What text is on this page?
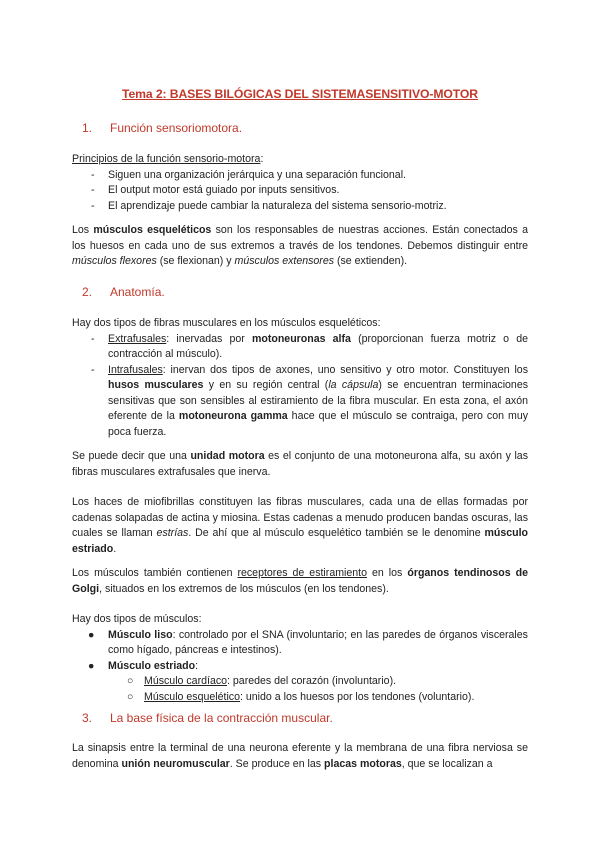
Tema 2: BASES BILÓGICAS DEL SISTEMASENSITIVO-MOTOR
1. Función sensoriomotora.
Principios de la función sensorio-motora:
- Siguen una organización jerárquica y una separación funcional.
- El output motor está guiado por inputs sensitivos.
- El aprendizaje puede cambiar la naturaleza del sistema sensorio-motriz.
Los músculos esqueléticos son los responsables de nuestras acciones. Están conectados a los huesos en cada uno de sus extremos a través de los tendones. Debemos distinguir entre músculos flexores (se flexionan) y músculos extensores (se extienden).
2. Anatomía.
Hay dos tipos de fibras musculares en los músculos esqueléticos:
- Extrafusales: inervadas por motoneuronas alfa (proporcionan fuerza motriz o de contracción al músculo).
- Intrafusales: inervan dos tipos de axones, uno sensitivo y otro motor. Constituyen los husos musculares y en su región central (la cápsula) se encuentran terminaciones sensitivas que son sensibles al estiramiento de la fibra muscular. En esta zona, el axón eferente de la motoneurona gamma hace que el músculo se contraiga, pero con muy poca fuerza.
Se puede decir que una unidad motora es el conjunto de una motoneurona alfa, su axón y las fibras musculares extrafusales que inerva.
Los haces de miofibrillas constituyen las fibras musculares, cada una de ellas formadas por cadenas solapadas de actina y miosina. Estas cadenas a menudo producen bandas oscuras, las cuales se llaman estrías. De ahí que al músculo esquelético también se le denomine músculo estriado.
Los músculos también contienen receptores de estiramiento en los órganos tendinosos de Golgi, situados en los extremos de los músculos (en los tendones).
Hay dos tipos de músculos:
● Músculo liso: controlado por el SNA (involuntario; en las paredes de órganos viscerales como hígado, páncreas e intestinos).
● Músculo estriado:
○ Músculo cardíaco: paredes del corazón (involuntario).
○ Músculo esquelético: unido a los huesos por los tendones (voluntario).
3. La base física de la contracción muscular.
La sinapsis entre la terminal de una neurona eferente y la membrana de una fibra nerviosa se denomina unión neuromuscular. Se produce en las placas motoras, que se localizan a
